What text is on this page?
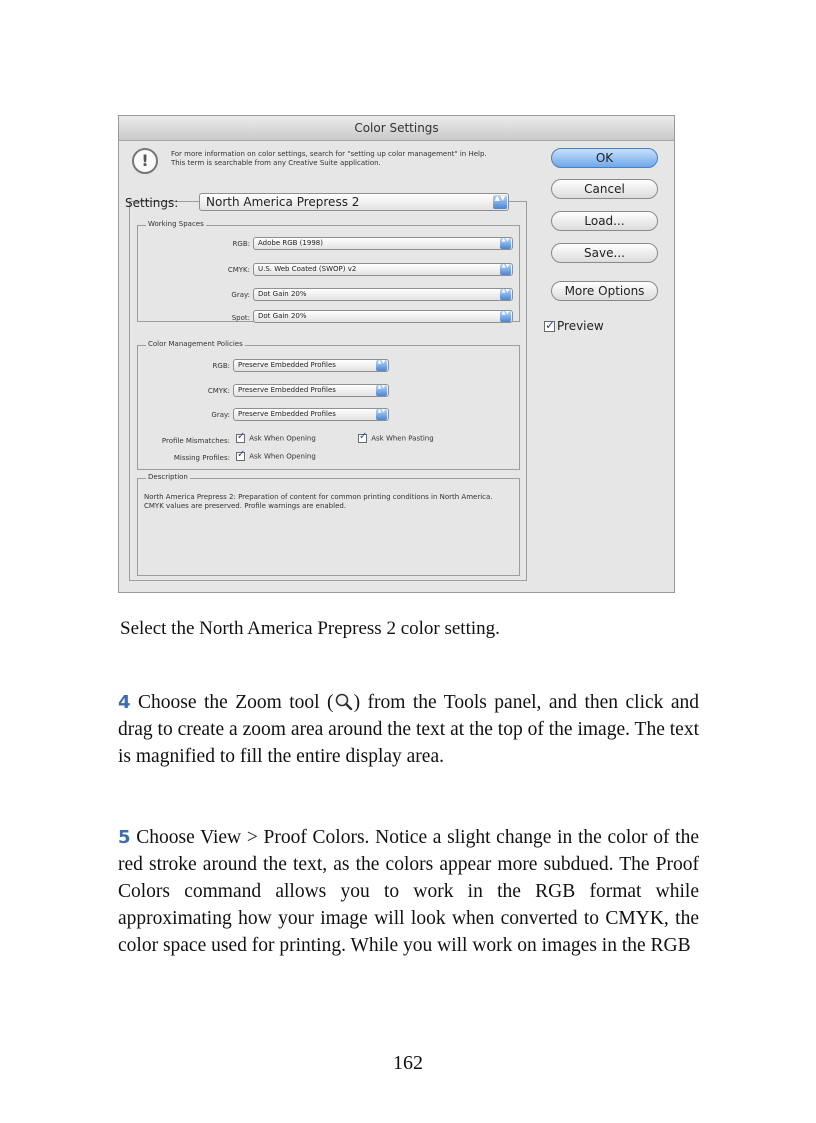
Color Settings
!	For more information on color settings, search for "setting up color management" in Help. This term is searchable from any Creative Suite application.	OK
Cancel
Load...
Save...
More Options
✓Preview
Working Spaces
RGB:	Adobe RGB (1998)	▲▼
CMYK:	U.S. Web Coated (SWOP) v2	▲▼
Gray:	Dot Gain 20%	▲▼
Spot:	Dot Gain 20%	▲▼
Color Management Policies
RGB:	Preserve Embedded Profiles	▲▼
CMYK:	Preserve Embedded Profiles	▲▼
Gray:	Preserve Embedded Profiles	▲▼
Profile Mismatches: ✓	Ask When Opening ✓	Ask When Pasting
Missing Profiles: ✓	Ask When Opening
Description
North America Prepress 2: Preparation of content for common printing conditions in North America. CMYK values are preserved. Profile warnings are enabled.
Settings:	North America Prepress 2	▲▼
Select the North America Prepress 2 color setting.
4 Choose the Zoom tool ( ) from the Tools panel, and then click and drag to create a zoom area around the text at the top of the image. The text is magnified to fill the entire display area.
5 Choose View > Proof Colors. Notice a slight change in the color of the red stroke around the text, as the colors appear more subdued. The Proof Colors command allows you to work in the RGB format while approximating how your image will look when converted to CMYK, the color space used for printing. While you will work on images in the RGB
162
